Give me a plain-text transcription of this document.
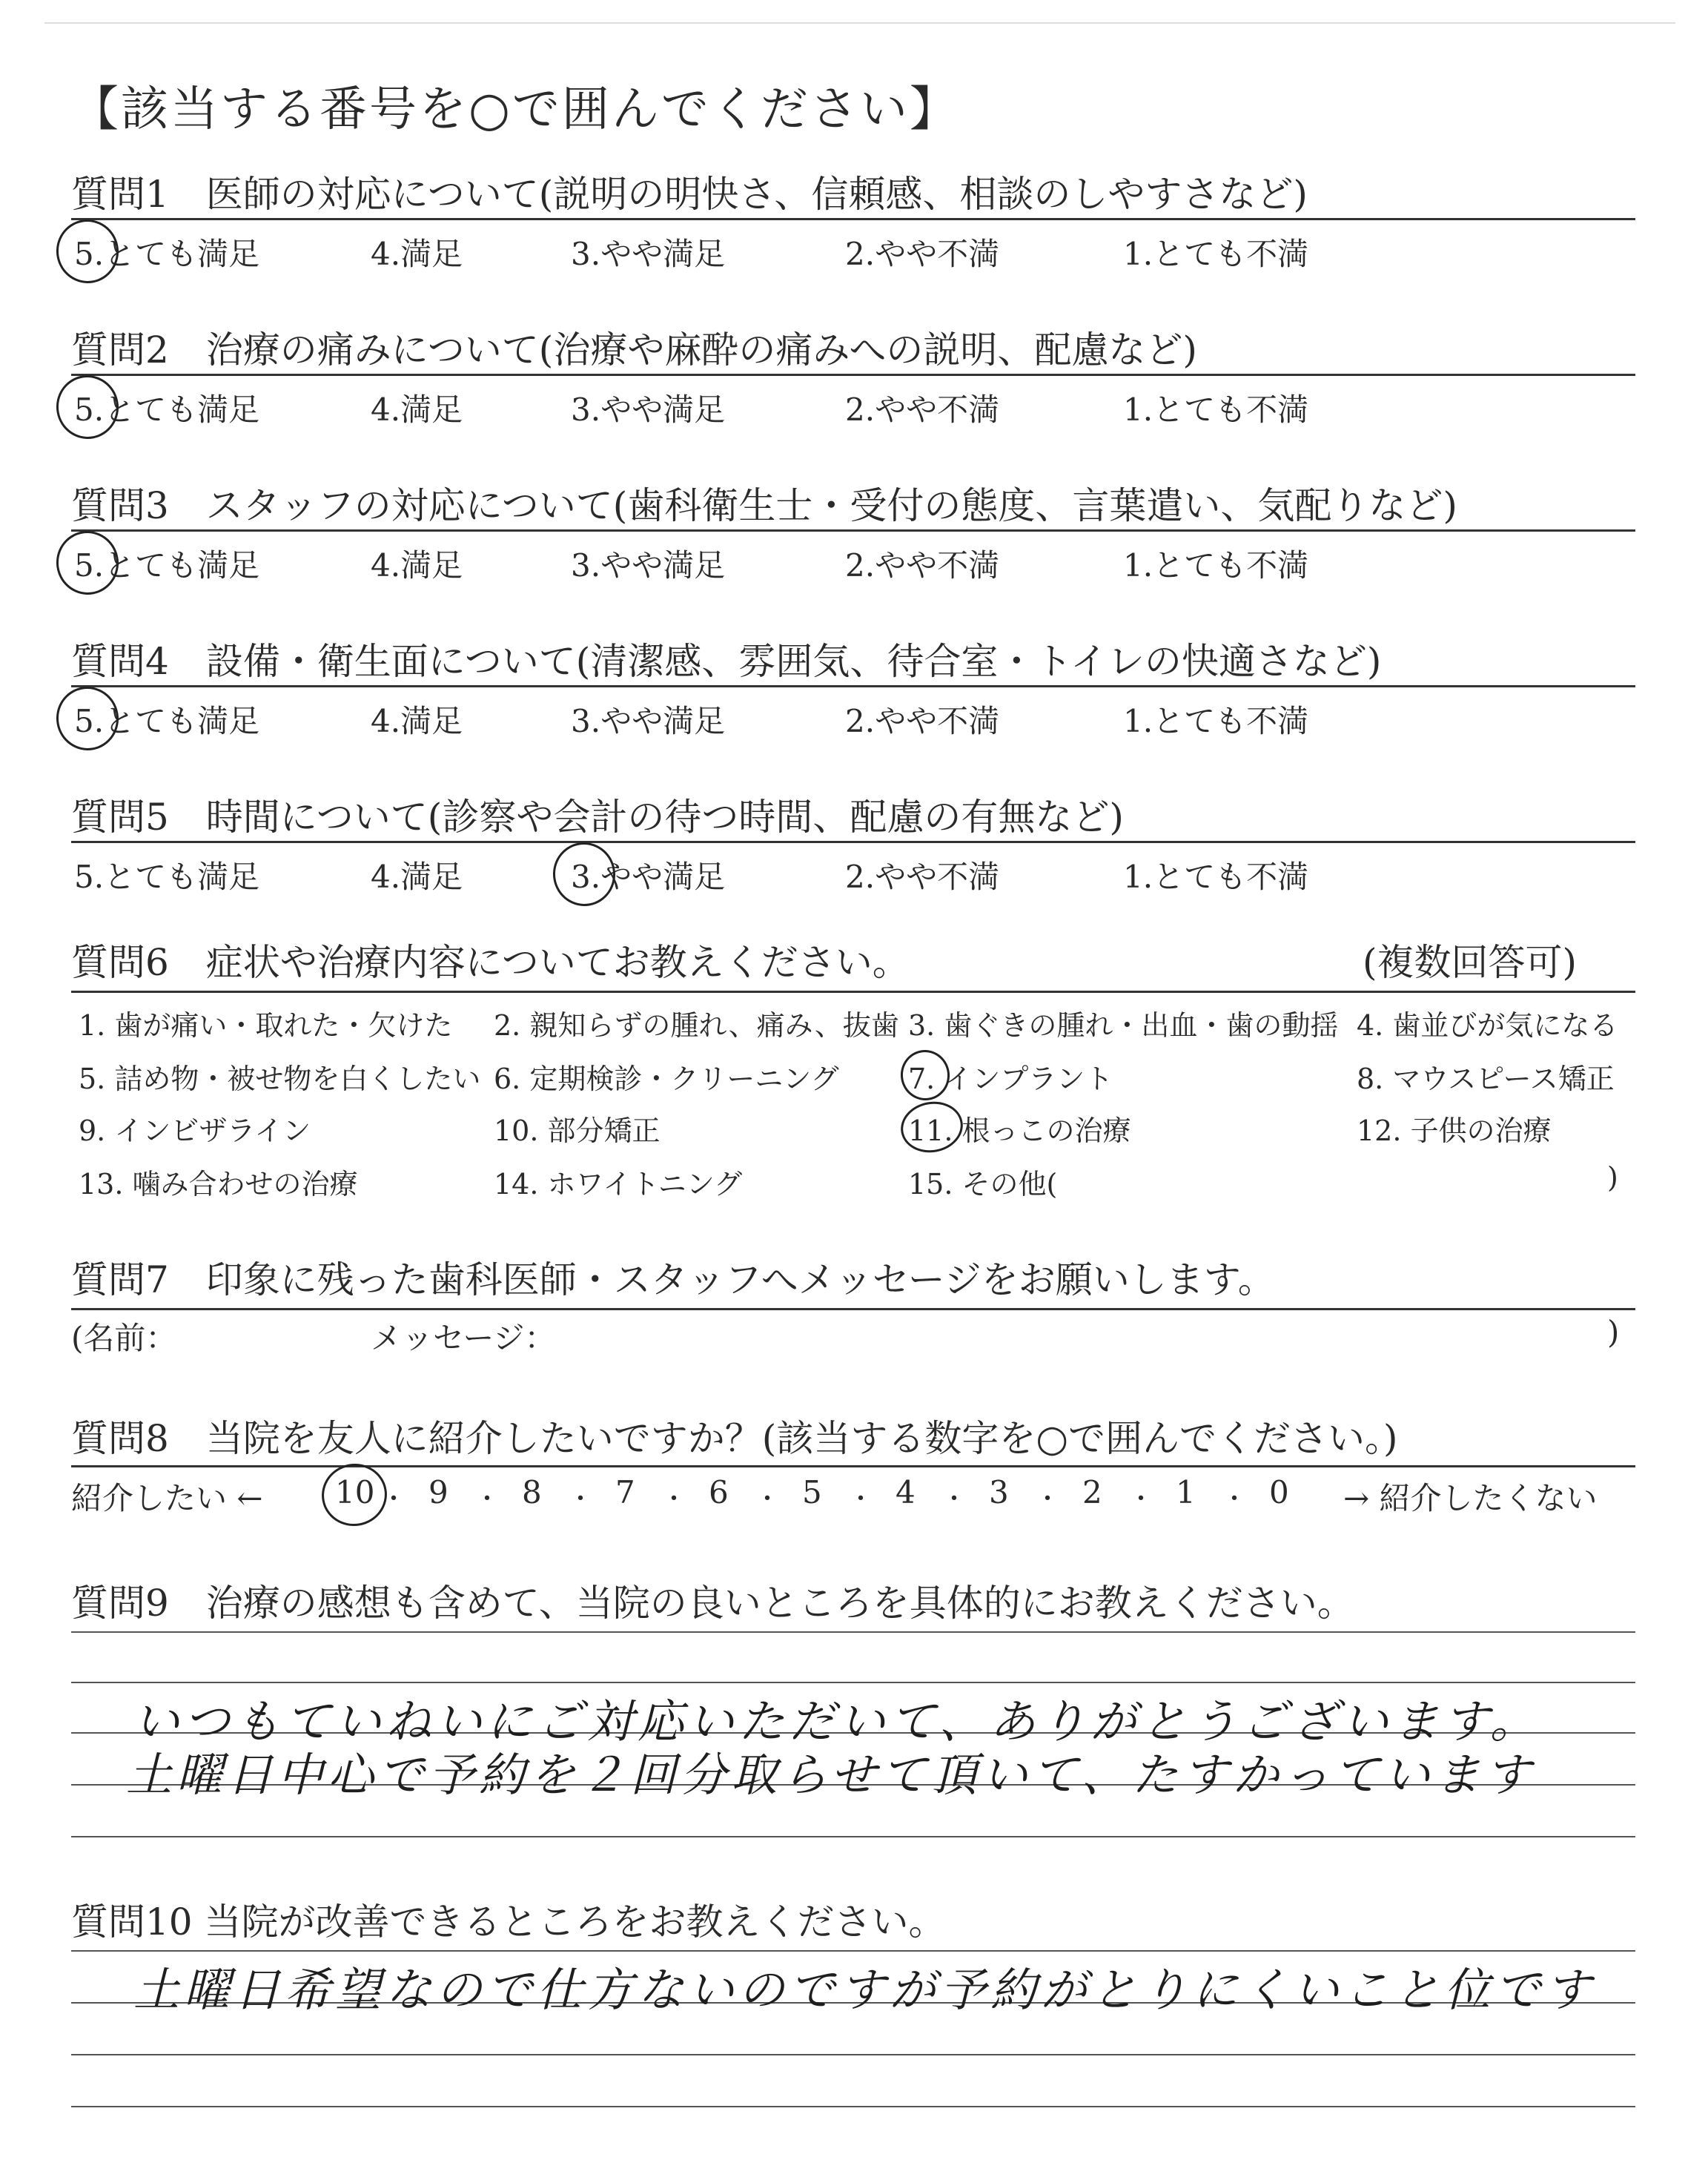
【該当する番号を○で囲んでください】
質問1　医師の対応について(説明の明快さ、信頼感、相談のしやすさなど)
5.とても満足	4.満足	3.やや満足	2.やや不満	1.とても不満
質問2　治療の痛みについて(治療や麻酔の痛みへの説明、配慮など)
5.とても満足	4.満足	3.やや満足	2.やや不満	1.とても不満
質問3　スタッフの対応について(歯科衛生士・受付の態度、言葉遣い、気配りなど)
5.とても満足	4.満足	3.やや満足	2.やや不満	1.とても不満
質問4　設備・衛生面について(清潔感、雰囲気、待合室・トイレの快適さなど)
5.とても満足	4.満足	3.やや満足	2.やや不満	1.とても不満
質問5　時間について(診察や会計の待つ時間、配慮の有無など)
5.とても満足	4.満足	3.やや満足	2.やや不満	1.とても不満
質問6　症状や治療内容についてお教えください。	(複数回答可)
1. 歯が痛い・取れた・欠けた 2. 親知らずの腫れ、痛み、抜歯 3. 歯ぐきの腫れ・出血・歯の動揺 4. 歯並びが気になる
5. 詰め物・被せ物を白くしたい 6. 定期検診・クリーニング 7. インプラント	8. マウスピース矯正
9. インビザライン	10. 部分矯正	11. 根っこの治療	12. 子供の治療
13. 噛み合わせの治療	14. ホワイトニング	15. その他(	)
質問7　印象に残った歯科医師・スタッフへメッセージをお願いします。
(名前：	メッセージ：	)
質問8　当院を友人に紹介したいですか？(該当する数字を○で囲んでください。)
紹介したい ← 10 ・ 9 ・ 8 ・ 7 ・ 6 ・ 5 ・ 4 ・ 3 ・ 2 ・ 1 ・ 0 → 紹介したくない
質問9　治療の感想も含めて、当院の良いところを具体的にお教えください。
いつもていねいにご対応いただいて、ありがとうございます。
土曜日中心で予約を２回分取らせて頂いて、たすかっています
質問10 当院が改善できるところをお教えください。
土曜日希望なので仕方ないのですが予約がとりにくいこと位です
